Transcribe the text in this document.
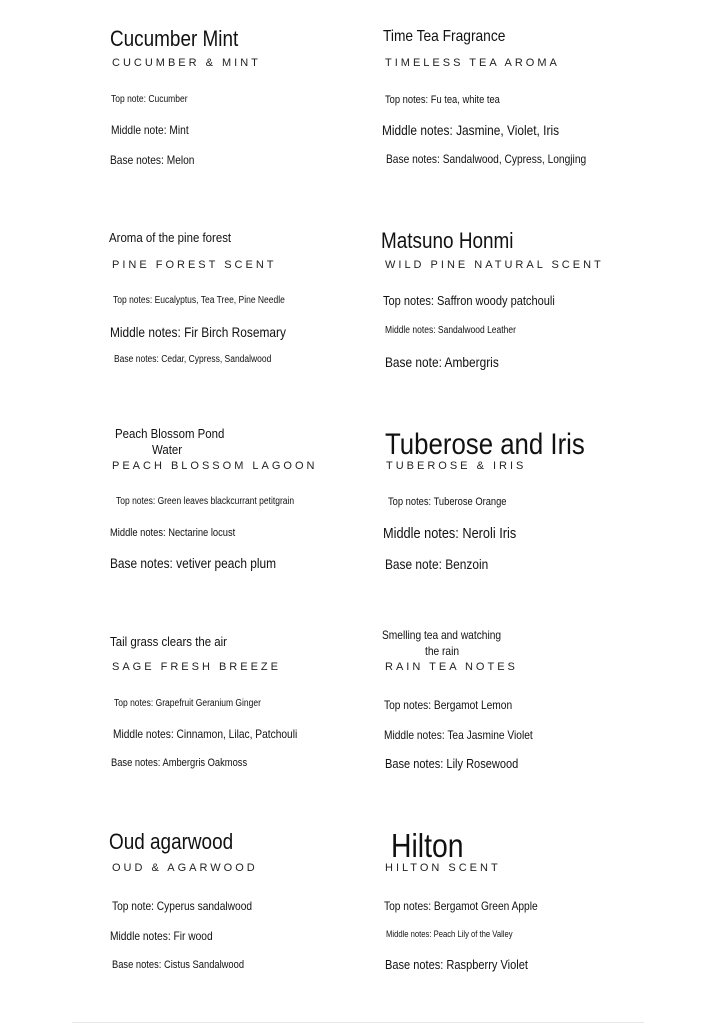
Cucumber Mint
CUCUMBER & MINT
Top note: Cucumber
Middle note: Mint
Base notes: Melon
Time Tea Fragrance
TIMELESS TEA AROMA
Top notes: Fu tea, white tea
Middle notes: Jasmine, Violet, Iris
Base notes: Sandalwood, Cypress, Longjing
Aroma of the pine forest
PINE FOREST SCENT
Top notes: Eucalyptus, Tea Tree, Pine Needle
Middle notes: Fir Birch Rosemary
Base notes: Cedar, Cypress, Sandalwood
Matsuno Honmi
WILD PINE NATURAL SCENT
Top notes: Saffron woody patchouli
Middle notes: Sandalwood Leather
Base note: Ambergris
Peach Blossom Pond
Water
PEACH BLOSSOM LAGOON
Top notes: Green leaves blackcurrant petitgrain
Middle notes: Nectarine locust
Base notes: vetiver peach plum
Tuberose and Iris
TUBEROSE & IRIS
Top notes: Tuberose Orange
Middle notes: Neroli Iris
Base note: Benzoin
Tail grass clears the air
SAGE FRESH BREEZE
Top notes: Grapefruit Geranium Ginger
Middle notes: Cinnamon, Lilac, Patchouli
Base notes: Ambergris Oakmoss
Smelling tea and watching
the rain
RAIN TEA NOTES
Top notes: Bergamot Lemon
Middle notes: Tea Jasmine Violet
Base notes: Lily Rosewood
Oud agarwood
OUD & AGARWOOD
Top note: Cyperus sandalwood
Middle notes: Fir wood
Base notes: Cistus Sandalwood
Hilton
HILTON SCENT
Top notes: Bergamot Green Apple
Middle notes: Peach Lily of the Valley
Base notes: Raspberry Violet
